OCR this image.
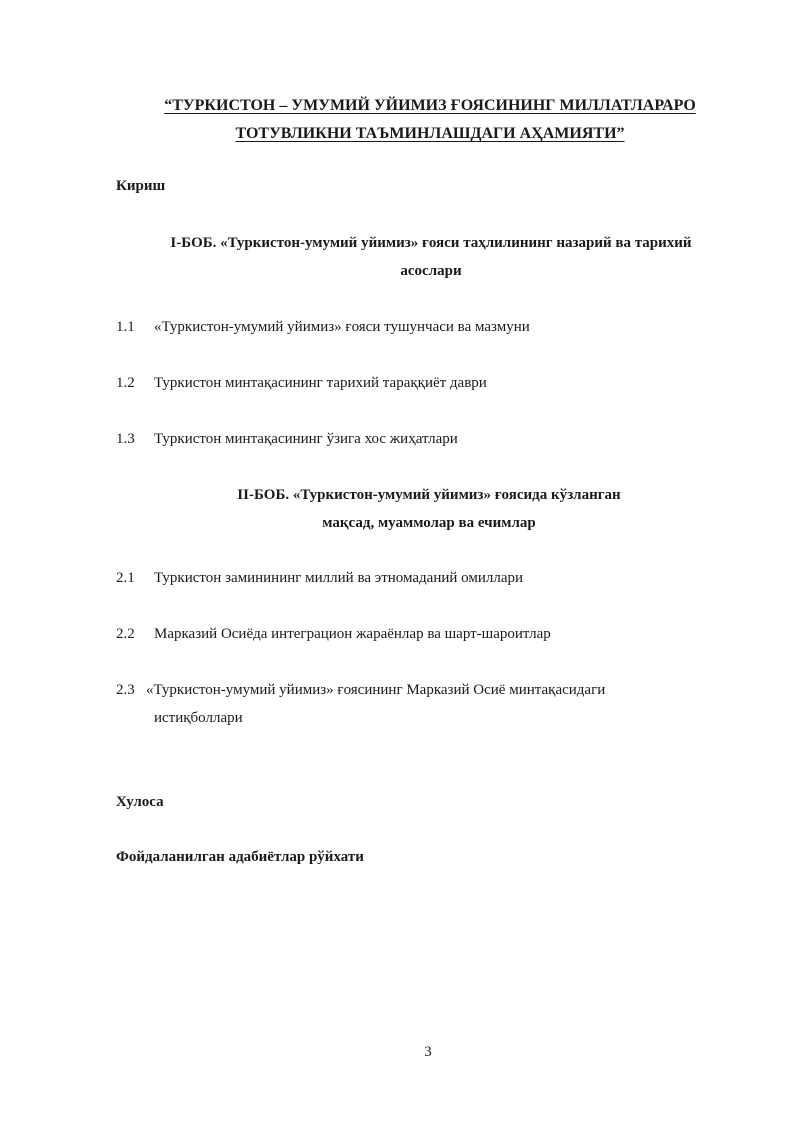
“ТУРКИСТОН – УМУМИЙ УЙИМИЗ ҒОЯСИНИНГ МИЛЛАТЛАРАРО
ТОТУВЛИКНИ ТАЪМИНЛАШДАГИ АҲАМИЯТИ”
Кириш
I-БОБ. «Туркистон-умумий уйимиз» ғояси таҳлилининг назарий ва тарихий
асослари
1.1 «Туркистон-умумий уйимиз» ғояси тушунчаси ва мазмуни
1.2 Туркистон минтақасининг тарихий тараққиёт даври
1.3 Туркистон минтақасининг ўзига хос жиҳатлари
II-БОБ. «Туркистон-умумий уйимиз» ғоясида кўзланган
мақсад, муаммолар ва ечимлар
2.1 Туркистон заминининг миллий ва этномаданий омиллари
2.2 Марказий Осиёда интеграцион жараёнлар ва шарт-шароитлар
2.3 «Туркистон-умумий уйимиз» ғоясининг Марказий Осиё минтақасидаги
истиқболлари
Хулоса
Фойдаланилган адабиётлар рўйхати
3
